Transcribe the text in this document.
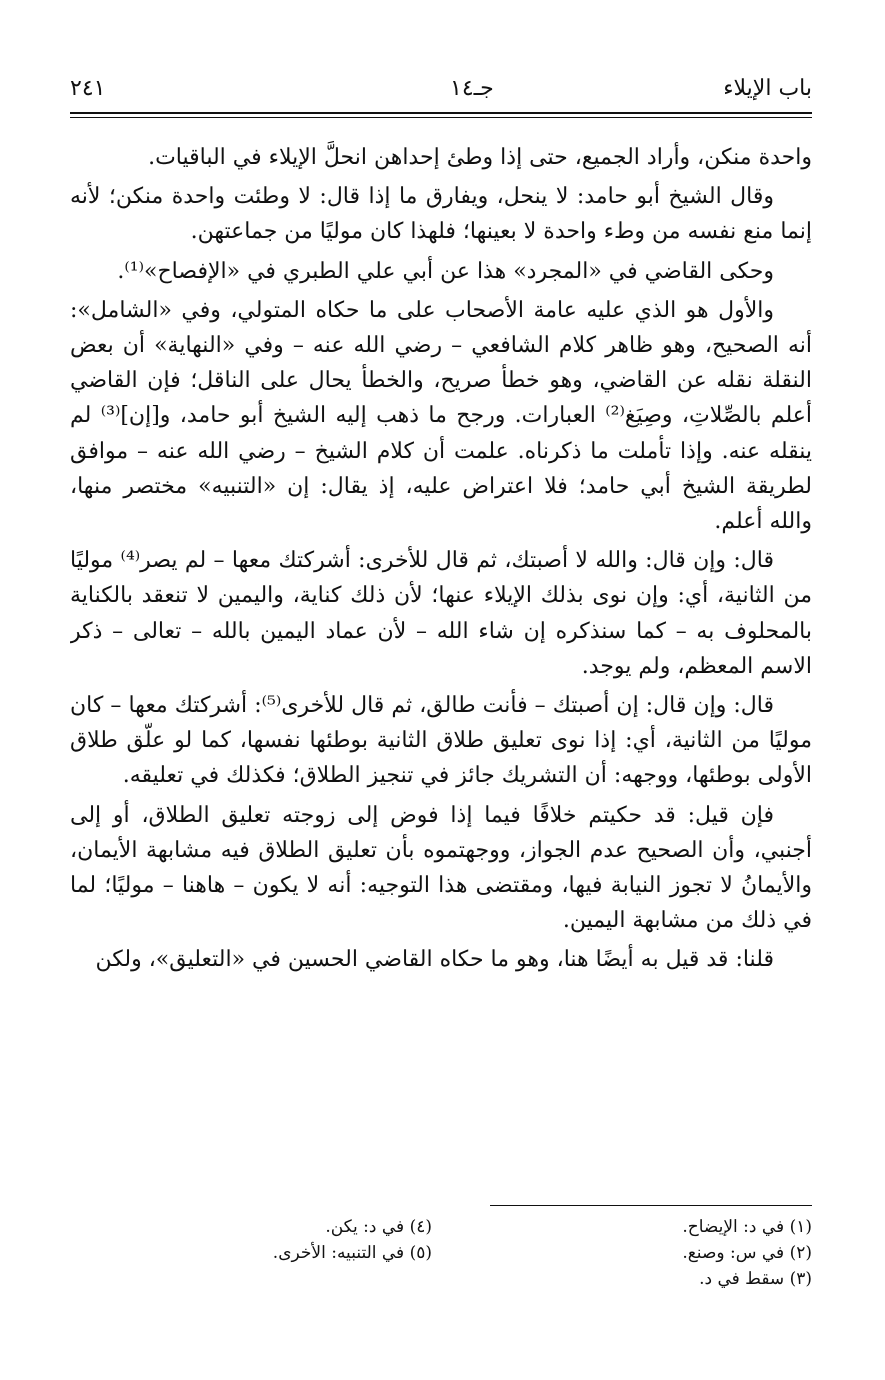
باب الإيلاء
جـ١٤
٢٤١

واحدة منكن، وأراد الجميع، حتى إذا وطئ إحداهن انحلَّ الإيلاء في الباقيات.

وقال الشيخ أبو حامد: لا ينحل، ويفارق ما إذا قال: لا وطئت واحدة منكن؛ لأنه إنما منع نفسه من وطء واحدة لا بعينها؛ فلهذا كان موليًا من جماعتهن.

وحكى القاضي في «المجرد» هذا عن أبي علي الطبري في «الإفصاح»⁽¹⁾.

والأول هو الذي عليه عامة الأصحاب على ما حكاه المتولي، وفي «الشامل»: أنه الصحيح، وهو ظاهر كلام الشافعي – رضي الله عنه – وفي «النهاية» أن بعض النقلة نقله عن القاضي، وهو خطأ صريح، والخطأ يحال على الناقل؛ فإن القاضي أعلم بالصِّلاتِ، وصِيَغ⁽²⁾ العبارات. ورجح ما ذهب إليه الشيخ أبو حامد، و[إن]⁽³⁾ لم ينقله عنه. وإذا تأملت ما ذكرناه. علمت أن كلام الشيخ – رضي الله عنه – موافق لطريقة الشيخ أبي حامد؛ فلا اعتراض عليه، إذ يقال: إن «التنبيه» مختصر منها، والله أعلم.

قال: وإن قال: والله لا أصبتك، ثم قال للأخرى: أشركتك معها – لم يصر⁽⁴⁾ موليًا من الثانية، أي: وإن نوى بذلك الإيلاء عنها؛ لأن ذلك كناية، واليمين لا تنعقد بالكناية بالمحلوف به – كما سنذكره إن شاء الله – لأن عماد اليمين بالله – تعالى – ذكر الاسم المعظم، ولم يوجد.

قال: وإن قال: إن أصبتك – فأنت طالق، ثم قال للأخرى⁽⁵⁾: أشركتك معها – كان موليًا من الثانية، أي: إذا نوى تعليق طلاق الثانية بوطئها نفسها، كما لو علّق طلاق الأولى بوطئها، ووجهه: أن التشريك جائز في تنجيز الطلاق؛ فكذلك في تعليقه.

فإن قيل: قد حكيتم خلافًا فيما إذا فوض إلى زوجته تعليق الطلاق، أو إلى أجنبي، وأن الصحيح عدم الجواز، ووجهتموه بأن تعليق الطلاق فيه مشابهة الأيمان، والأيمانُ لا تجوز النيابة فيها، ومقتضى هذا التوجيه: أنه لا يكون – هاهنا – موليًا؛ لما في ذلك من مشابهة اليمين.

قلنا: قد قيل به أيضًا هنا، وهو ما حكاه القاضي الحسين في «التعليق»، ولكن

(١) في د: الإيضاح.
(٢) في س: وصنع.
(٣) سقط في د.
(٤) في د: يكن.
(٥) في التنبيه: الأخرى.
